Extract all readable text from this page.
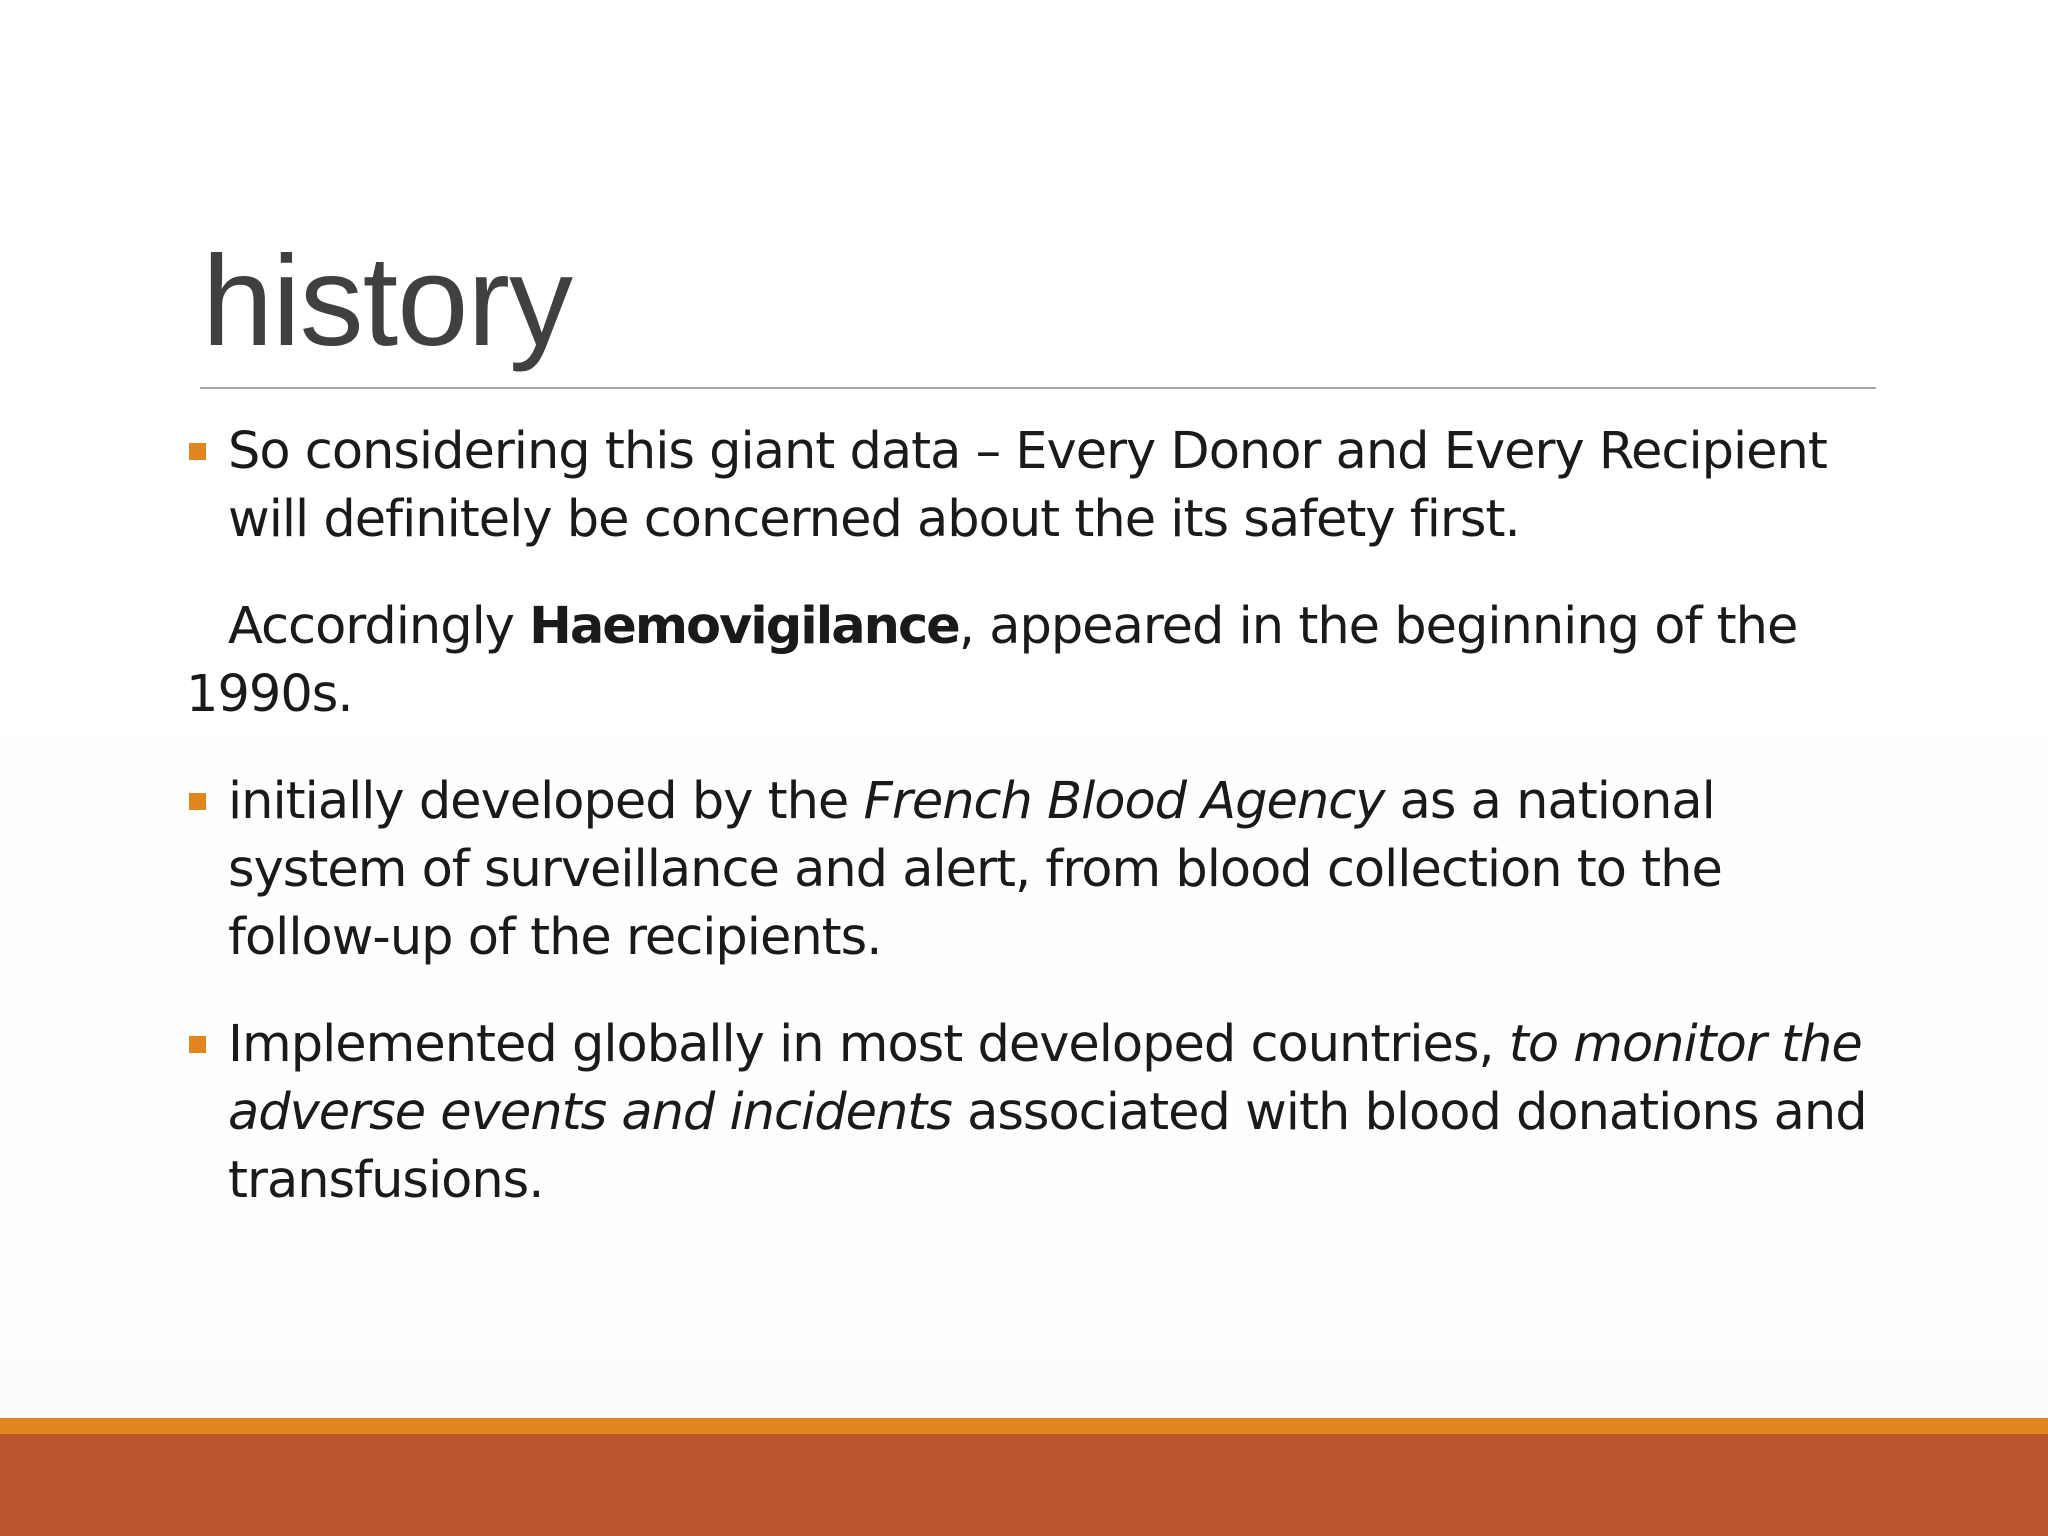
history
So considering this giant data – Every Donor and Every Recipient will definitely be concerned about the its safety first.
Accordingly Haemovigilance, appeared in the beginning of the 1990s.
initially developed by the French Blood Agency as a national system of surveillance and alert, from blood collection to the follow-up of the recipients.
Implemented globally in most developed countries, to monitor the adverse events and incidents associated with blood donations and transfusions.
